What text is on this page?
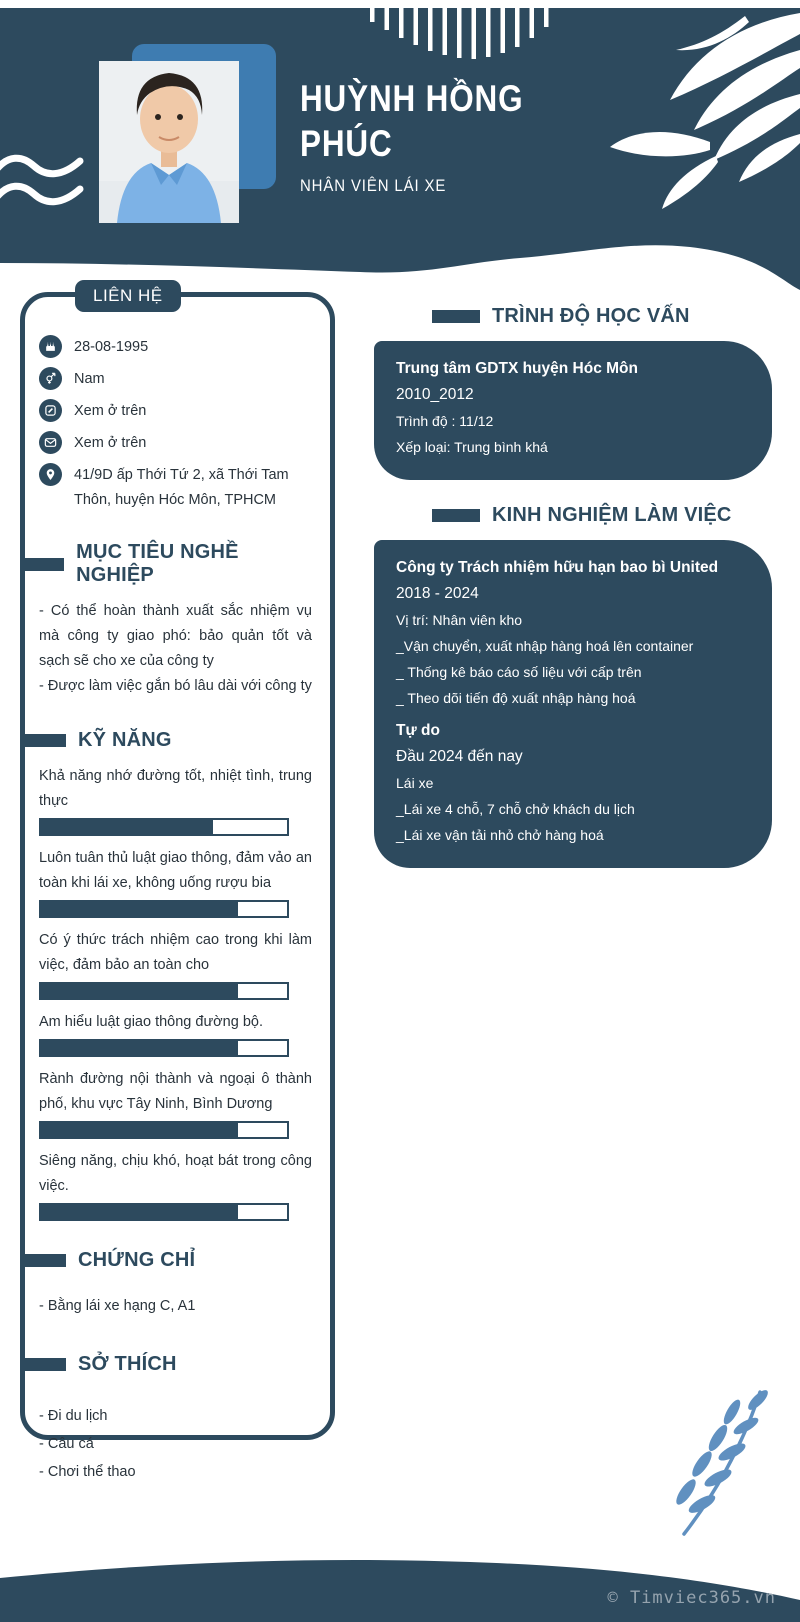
HUỲNH HỒNG PHÚC
NHÂN VIÊN LÁI XE
LIÊN HỆ
28-08-1995
Nam
Xem ở trên
Xem ở trên
41/9D ấp Thới Tứ 2, xã Thới Tam Thôn, huyện Hóc Môn, TPHCM
MỤC TIÊU NGHỀ NGHIỆP
- Có thể hoàn thành xuất sắc nhiệm vụ mà công ty giao phó: bảo quản tốt và sạch sẽ cho xe của công ty
- Được làm việc gắn bó lâu dài với công ty
KỸ NĂNG
Khả năng nhớ đường tốt, nhiệt tình, trung thực
Luôn tuân thủ luật giao thông, đảm vảo an toàn khi lái xe, không uống rượu bia
Có ý thức trách nhiệm cao trong khi làm việc, đảm bảo an toàn cho
Am hiểu luật giao thông đường bộ.
Rành đường nội thành và ngoại ô thành phố, khu vực Tây Ninh, Bình Dương
Siêng năng, chịu khó, hoạt bát trong công việc.
CHỨNG CHỈ
- Bằng lái xe hạng C, A1
SỞ THÍCH
- Đi du lịch
- Câu cá
- Chơi thể thao
TRÌNH ĐỘ HỌC VẤN
Trung tâm GDTX huyện Hóc Môn
2010_2012
Trình độ : 11/12
Xếp loại: Trung bình khá
KINH NGHIỆM LÀM VIỆC
Công ty Trách nhiệm hữu hạn bao bì United
2018 - 2024
Vị trí: Nhân viên kho
_Vận chuyển, xuất nhập hàng hoá lên container
_ Thống kê báo cáo số liệu với cấp trên
_ Theo dõi tiến độ xuất nhập hàng hoá
Tự do
Đầu 2024 đến nay
Lái xe
_Lái xe 4 chỗ, 7 chỗ chở khách du lịch
_Lái xe vận tải nhỏ chở hàng hoá
© Timviec365.vn
